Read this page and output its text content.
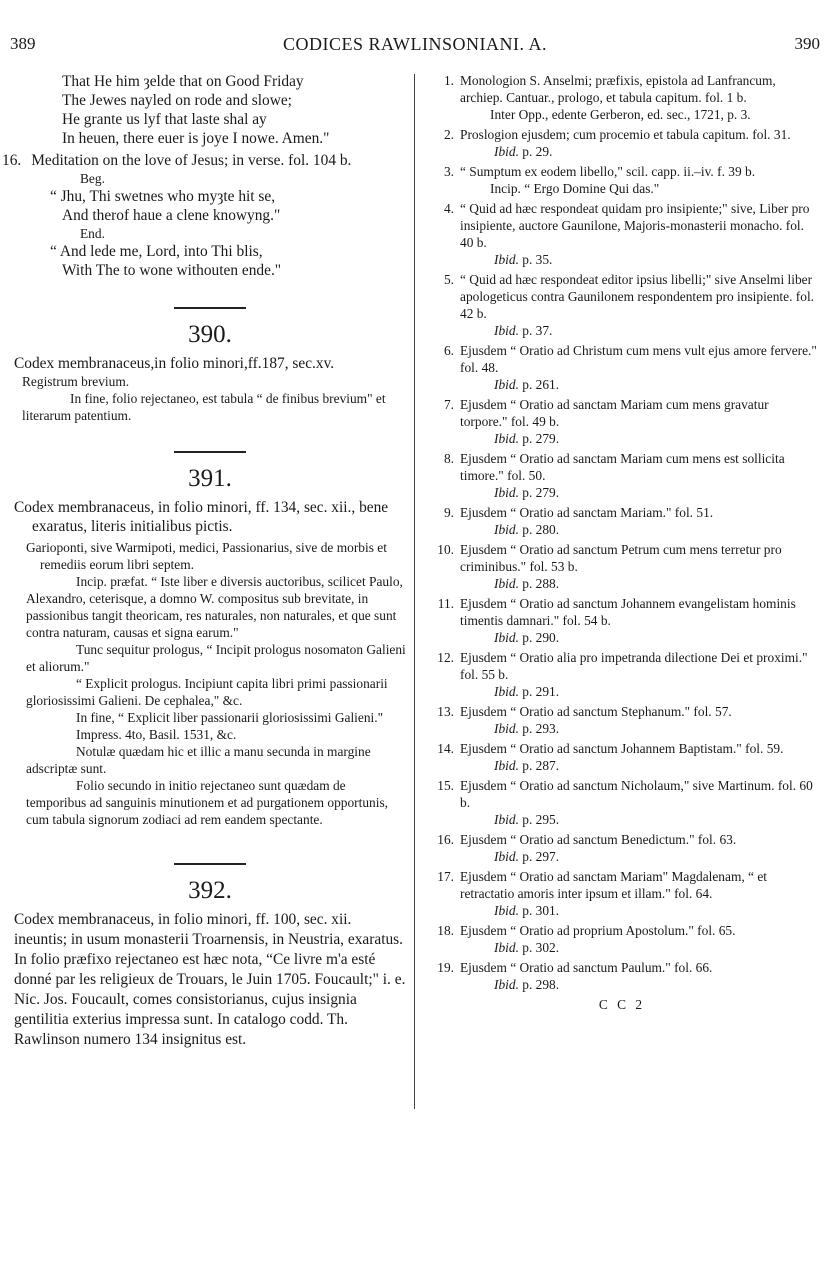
389	CODICES RAWLINSONIANI. A.	390
That He him ȝelde that on Good Friday
The Jewes nayled on rode and slowe;
He grante us lyf that laste shal ay
In heuen, there euer is joye I nowe. Amen."
16. Meditation on the love of Jesus; in verse. fol. 104 b.
Beg.
“ Jhu, Thi swetnes who myȝte hit se,
And therof haue a clene knowyng."
End.
“ And lede me, Lord, into Thi blis,
With The to wone withouten ende."
390.
Codex membranaceus,in folio minori,ff.187, sec.xv.
Registrum brevium.
In fine, folio rejectaneo, est tabula “ de finibus brevium" et literarum patentium.
391.
Codex membranaceus, in folio minori, ff. 134, sec. xii., bene exaratus, literis initialibus pictis.
Garioponti, sive Warmipoti, medici, Passionarius, sive de morbis et remediis eorum libri septem.
Incip. præfat. “ Iste liber e diversis auctoribus, scilicet Paulo, Alexandro, ceterisque, a domno W. compositus sub brevitate, in passionibus tangit theoricam, res naturales, non naturales, et que sunt contra naturam, causas et signa earum."
Tunc sequitur prologus, “ Incipit prologus nosomaton Galieni et aliorum."
“ Explicit prologus. Incipiunt capita libri primi passionarii gloriosissimi Galieni. De cephalea," &c.
In fine, “ Explicit liber passionarii gloriosissimi Galieni."
Impress. 4to, Basil. 1531, &c.
Notulæ quædam hic et illic a manu secunda in margine adscriptæ sunt.
Folio secundo in initio rejectaneo sunt quædam de temporibus ad sanguinis minutionem et ad purgationem opportunis, cum tabula signorum zodiaci ad rem eandem spectante.
392.
Codex membranaceus, in folio minori, ff. 100, sec. xii. ineuntis; in usum monasterii Troarnensis, in Neustria, exaratus. In folio præfixo rejectaneo est hæc nota, “Ce livre m'a esté donné par les religieux de Trouars, le Juin 1705. Foucault;" i. e. Nic. Jos. Foucault, comes consistorianus, cujus insignia gentilitia exterius impressa sunt. In catalogo codd. Th. Rawlinson numero 134 insignitus est.
1. Monologion S. Anselmi; præfixis, epistola ad Lanfrancum, archiep. Cantuar., prologo, et tabula capitum. fol. 1 b.
Inter Opp., edente Gerberon, ed. sec., 1721, p. 3.
2. Proslogion ejusdem; cum procemio et tabula capitum. fol. 31.
Ibid. p. 29.
3. “ Sumptum ex eodem libello," scil. capp. ii.–iv. f. 39 b.
Incip. “ Ergo Domine Qui das."
4. “ Quid ad hæc respondeat quidam pro insipiente;" sive, Liber pro insipiente, auctore Gaunilone, Majoris-monasterii monacho. fol. 40 b.
Ibid. p. 35.
5. “ Quid ad hæc respondeat editor ipsius libelli;" sive Anselmi liber apologeticus contra Gaunilonem respondentem pro insipiente. fol. 42 b.
Ibid. p. 37.
6. Ejusdem “ Oratio ad Christum cum mens vult ejus amore fervere." fol. 48.
Ibid. p. 261.
7. Ejusdem “ Oratio ad sanctam Mariam cum mens gravatur torpore." fol. 49 b.
Ibid. p. 279.
8. Ejusdem “ Oratio ad sanctam Mariam cum mens est sollicita timore." fol. 50.
Ibid. p. 279.
9. Ejusdem “ Oratio ad sanctam Mariam." fol. 51.
Ibid. p. 280.
10. Ejusdem “ Oratio ad sanctum Petrum cum mens terretur pro criminibus." fol. 53 b.
Ibid. p. 288.
11. Ejusdem “ Oratio ad sanctum Johannem evangelistam hominis timentis damnari." fol. 54 b.
Ibid. p. 290.
12. Ejusdem “ Oratio alia pro impetranda dilectione Dei et proximi." fol. 55 b.
Ibid. p. 291.
13. Ejusdem “ Oratio ad sanctum Stephanum." fol. 57.
Ibid. p. 293.
14. Ejusdem “ Oratio ad sanctum Johannem Baptistam." fol. 59.
Ibid. p. 287.
15. Ejusdem “ Oratio ad sanctum Nicholaum," sive Martinum. fol. 60 b.
Ibid. p. 295.
16. Ejusdem “ Oratio ad sanctum Benedictum." fol. 63.
Ibid. p. 297.
17. Ejusdem “ Oratio ad sanctam Mariam" Magdalenam, “ et retractatio amoris inter ipsum et illam." fol. 64.
Ibid. p. 301.
18. Ejusdem “ Oratio ad proprium Apostolum." fol. 65.
Ibid. p. 302.
19. Ejusdem “ Oratio ad sanctum Paulum." fol. 66.
Ibid. p. 298.
C C 2
